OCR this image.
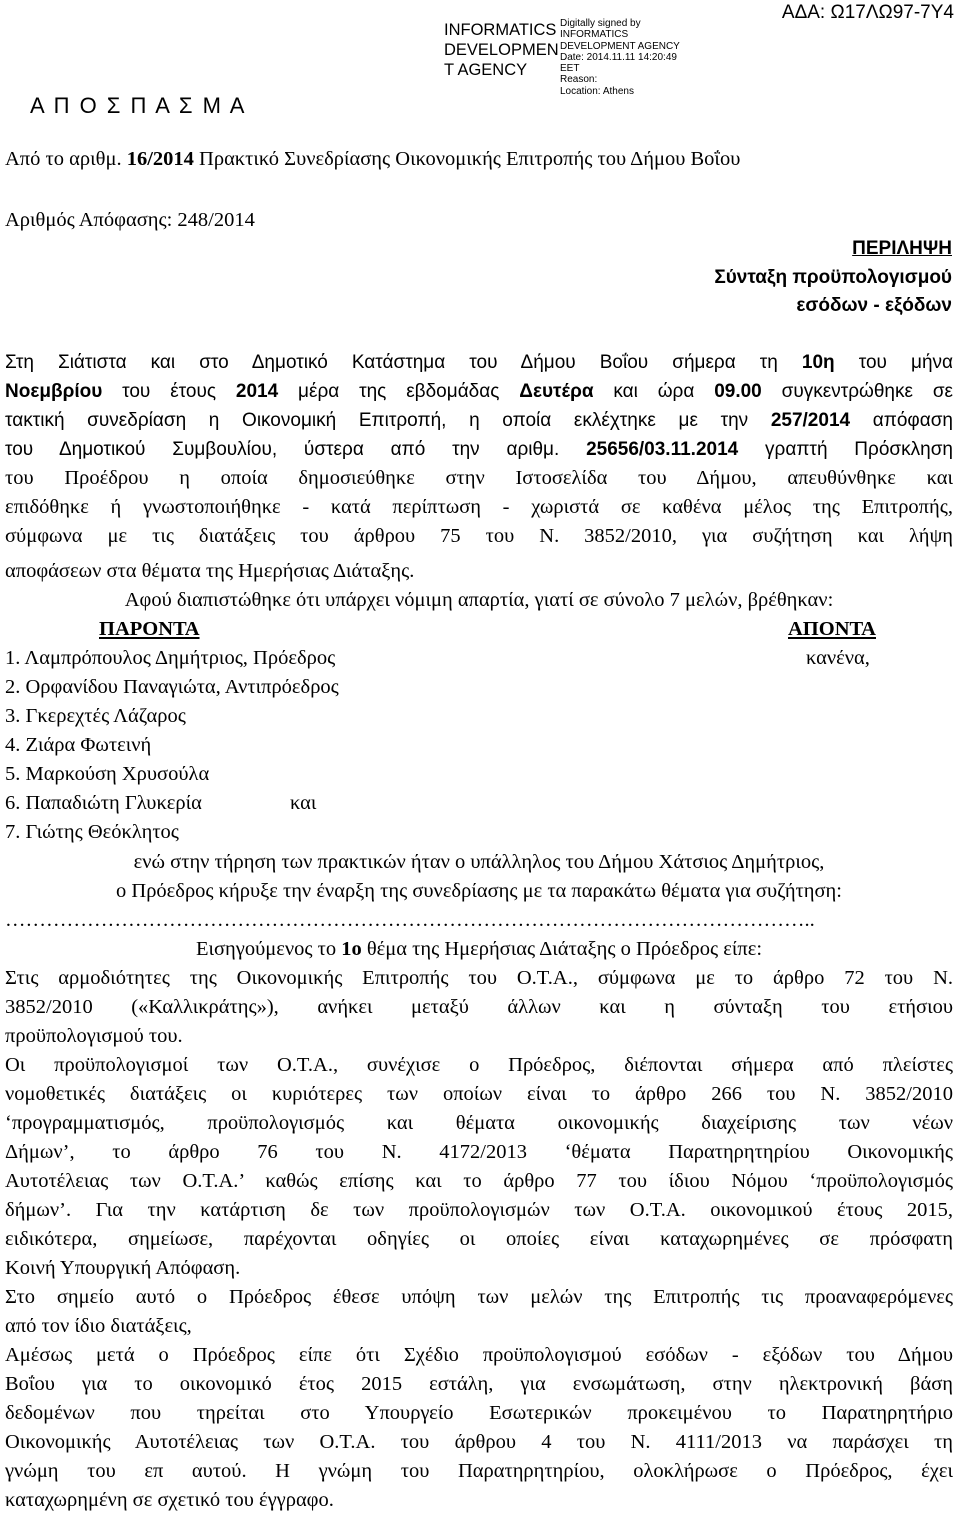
INFORMATICS
DEVELOPMEN
T AGENCY
Digitally signed by
INFORMATICS
DEVELOPMENT AGENCY
Date: 2014.11.11 14:20:49
EET
Reason:
Location: Athens
ΑΔΑ: Ω17ΛΩ97-7Υ4
Α Π Ο Σ Π Α Σ Μ Α
Από το αριθμ. 16/2014 Πρακτικό Συνεδρίασης Οικονομικής Επιτροπής του Δήμου Βοΐου
Αριθμός Απόφασης: 248/2014
ΠΕΡΙΛΗΨΗ
Σύνταξη προϋπολογισμού
εσόδων - εξόδων
Στη Σιάτιστα και στο Δημοτικό Κατάστημα του Δήμου Βοΐου σήμερα τη 10η του μήνα
Νοεμβρίου του έτους 2014 μέρα της εβδομάδας Δευτέρα και ώρα 09.00 συγκεντρώθηκε σε
τακτική συνεδρίαση η Οικονομική Επιτροπή, η οποία εκλέχτηκε με την 257/2014 απόφαση
του Δημοτικού Συμβουλίου, ύστερα από την αριθμ. 25656/03.11.2014 γραπτή Πρόσκληση
του Προέδρου η οποία δημοσιεύθηκε στην Ιστοσελίδα του Δήμου, απευθύνθηκε και
επιδόθηκε ή γνωστοποιήθηκε - κατά περίπτωση - χωριστά σε καθένα μέλος της Επιτροπής,
σύμφωνα με τις διατάξεις του άρθρου 75 του Ν. 3852/2010, για συζήτηση και λήψη
αποφάσεων στα θέματα της Ημερήσιας Διάταξης.
Αφού διαπιστώθηκε ότι υπάρχει νόμιμη απαρτία, γιατί σε σύνολο 7 μελών, βρέθηκαν:
ΠΑΡΟΝΤΑ	ΑΠΟΝΤΑ
1. Λαμπρόπουλος Δημήτριος, Πρόεδρος	κανένα,
2. Ορφανίδου Παναγιώτα, Αντιπρόεδρος
3. Γκερεχτές Λάζαρος
4. Ζιάρα Φωτεινή
5. Μαρκούση Χρυσούλα
6. Παπαδιώτη Γλυκερία	και
7. Γιώτης Θεόκλητος
ενώ στην τήρηση των πρακτικών ήταν ο υπάλληλος του Δήμου Χάτσιος Δημήτριος,
ο Πρόεδρος κήρυξε την έναρξη της συνεδρίασης με τα παρακάτω θέματα για συζήτηση:
………………………………………………………………………………………………………..
Εισηγούμενος το 1ο θέμα της Ημερήσιας Διάταξης ο Πρόεδρος είπε:
Στις αρμοδιότητες της Οικονομικής Επιτροπής του Ο.Τ.Α., σύμφωνα με το άρθρο 72 του Ν.
3852/2010 («Καλλικράτης»), ανήκει μεταξύ άλλων και η σύνταξη του ετήσιου
προϋπολογισμού του.
Οι προϋπολογισμοί των Ο.Τ.Α., συνέχισε ο Πρόεδρος, διέπονται σήμερα από πλείστες
νομοθετικές διατάξεις οι κυριότερες των οποίων είναι το άρθρο 266 του Ν. 3852/2010
‘προγραμματισμός, προϋπολογισμός και θέματα οικονομικής διαχείρισης των νέων
Δήμων’, το άρθρο 76 του Ν. 4172/2013 ‘θέματα Παρατηρητηρίου Οικονομικής
Αυτοτέλειας των Ο.Τ.Α.’ καθώς επίσης και το άρθρο 77 του ίδιου Νόμου ‘προϋπολογισμός
δήμων’. Για την κατάρτιση δε των προϋπολογισμών των Ο.Τ.Α. οικονομικού έτους 2015,
ειδικότερα, σημείωσε, παρέχονται οδηγίες οι οποίες είναι καταχωρημένες σε πρόσφατη
Κοινή Υπουργική Απόφαση.
Στο σημείο αυτό ο Πρόεδρος έθεσε υπόψη των μελών της Επιτροπής τις προαναφερόμενες
από τον ίδιο διατάξεις,
Αμέσως μετά ο Πρόεδρος είπε ότι Σχέδιο προϋπολογισμού εσόδων - εξόδων του Δήμου
Βοΐου για το οικονομικό έτος 2015 εστάλη, για ενσωμάτωση, στην ηλεκτρονική βάση
δεδομένων που τηρείται στο Υπουργείο Εσωτερικών προκειμένου το Παρατηρητήριο
Οικονομικής Αυτοτέλειας των Ο.Τ.Α. του άρθρου 4 του Ν. 4111/2013 να παράσχει τη
γνώμη του επ αυτού. Η γνώμη του Παρατηρητηρίου, ολοκλήρωσε ο Πρόεδρος, έχει
καταχωρημένη σε σχετικό του έγγραφο.
